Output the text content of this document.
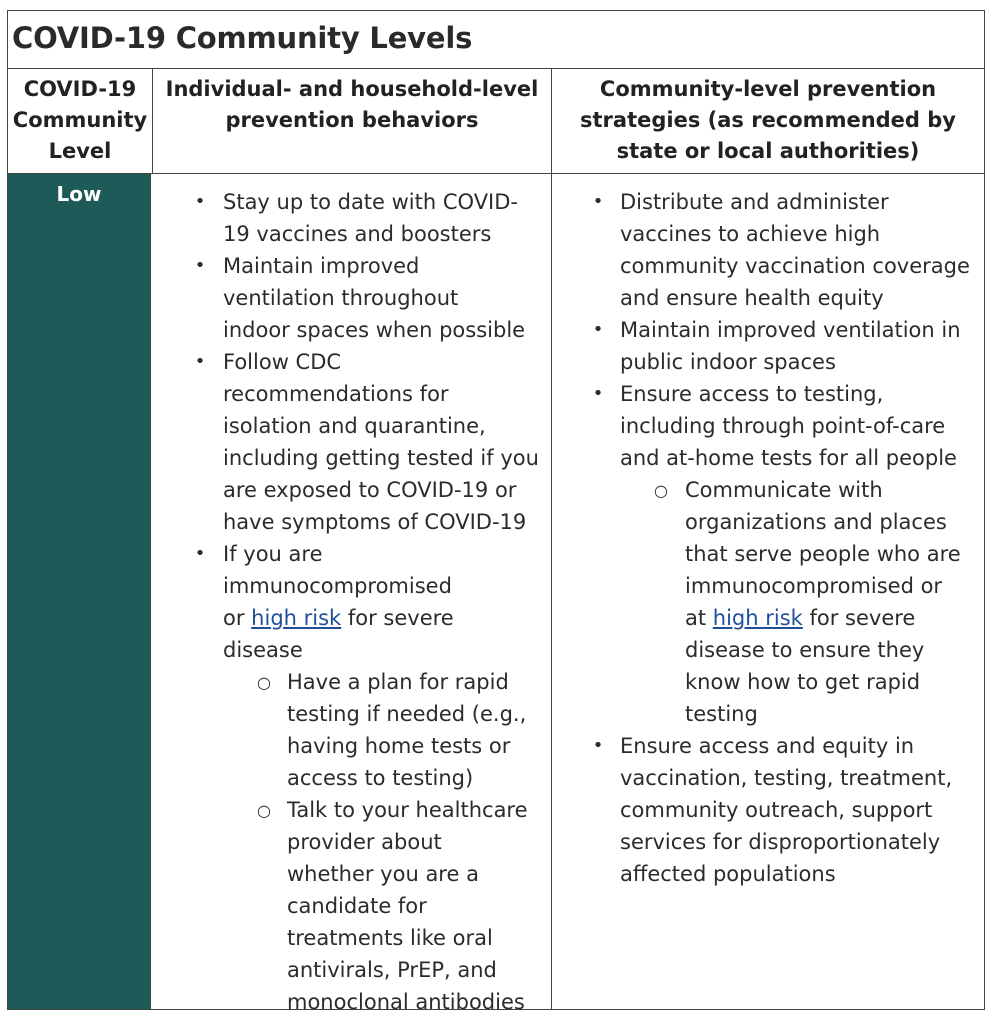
COVID-19 Community Levels
COVID-19
Community
Level
Individual- and household-level
prevention behaviors
Community-level prevention
strategies (as recommended by
state or local authorities)
Low	• Stay up to date with COVID-
19 vaccines and boosters
• Maintain improved
ventilation throughout
indoor spaces when possible
• Follow CDC
recommendations for
isolation and quarantine,
including getting tested if you
are exposed to COVID-19 or
have symptoms of COVID-19
• If you are
immunocompromised
or high risk for severe
disease
○ Have a plan for rapid
testing if needed (e.g.,
having home tests or
access to testing)
○ Talk to your healthcare
provider about
whether you are a
candidate for
treatments like oral
antivirals, PrEP, and
monoclonal antibodies
• Distribute and administer
vaccines to achieve high
community vaccination coverage
and ensure health equity
• Maintain improved ventilation in
public indoor spaces
• Ensure access to testing,
including through point-of-care
and at-home tests for all people
○ Communicate with
organizations and places
that serve people who are
immunocompromised or
at high risk for severe
disease to ensure they
know how to get rapid
testing
• Ensure access and equity in
vaccination, testing, treatment,
community outreach, support
services for disproportionately
affected populations
